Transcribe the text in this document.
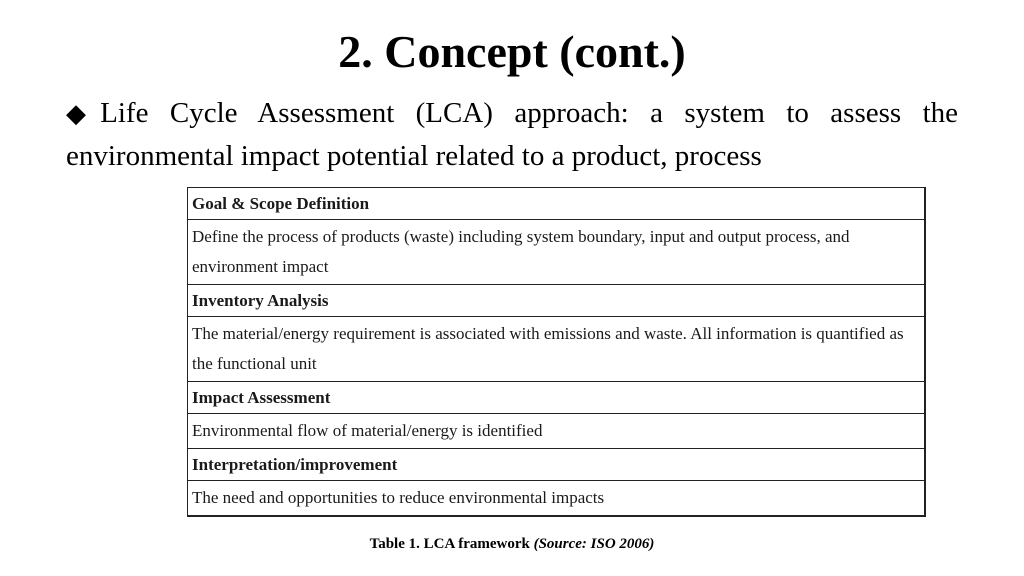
2. Concept (cont.)
◆Life Cycle Assessment (LCA) approach: a system to assess the environmental impact potential related to a product, process
Goal & Scope Definition
Define the process of products (waste) including system boundary, input and output process, and environment impact
Inventory Analysis
The material/energy requirement is associated with emissions and waste. All information is quantified as the functional unit
Impact Assessment
Environmental flow of material/energy is identified
Interpretation/improvement
The need and opportunities to reduce environmental impacts
Table 1. LCA framework (Source: ISO 2006)
